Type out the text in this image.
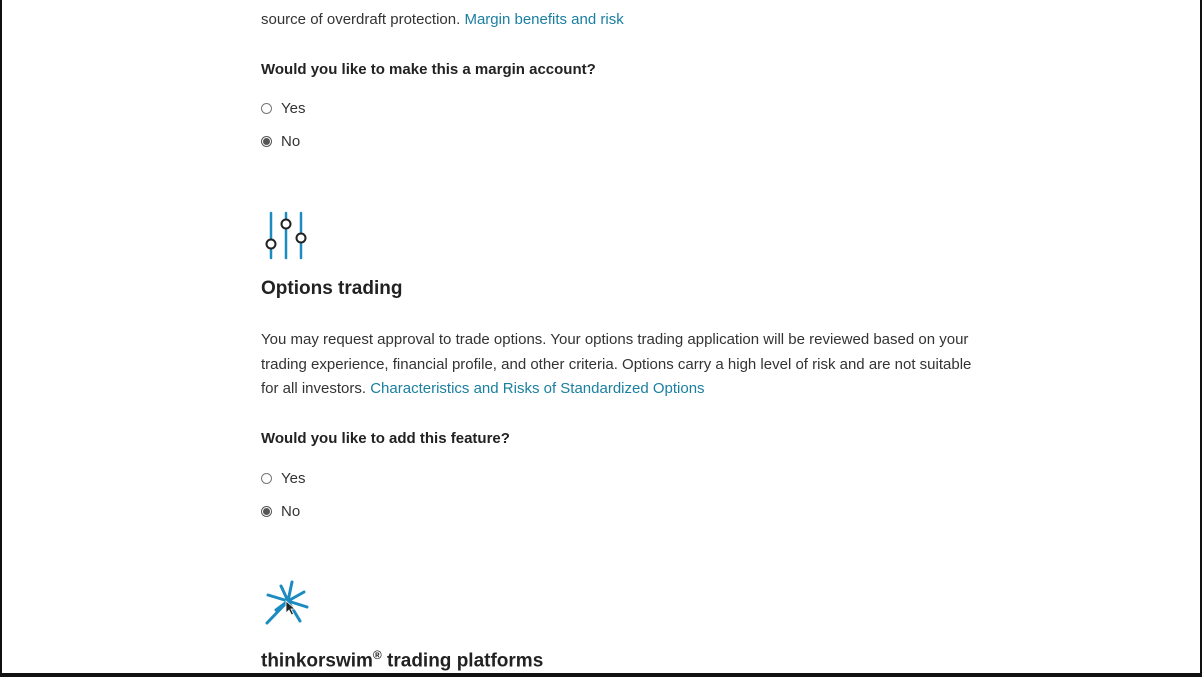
source of overdraft protection. Margin benefits and risk

Would you like to make this a margin account?

Yes
No
Options trading

You may request approval to trade options. Your options trading application will be reviewed based on your trading experience, financial profile, and other criteria. Options carry a high level of risk and are not suitable for all investors. Characteristics and Risks of Standardized Options

Would you like to add this feature?

Yes
No
thinkorswim® trading platforms
